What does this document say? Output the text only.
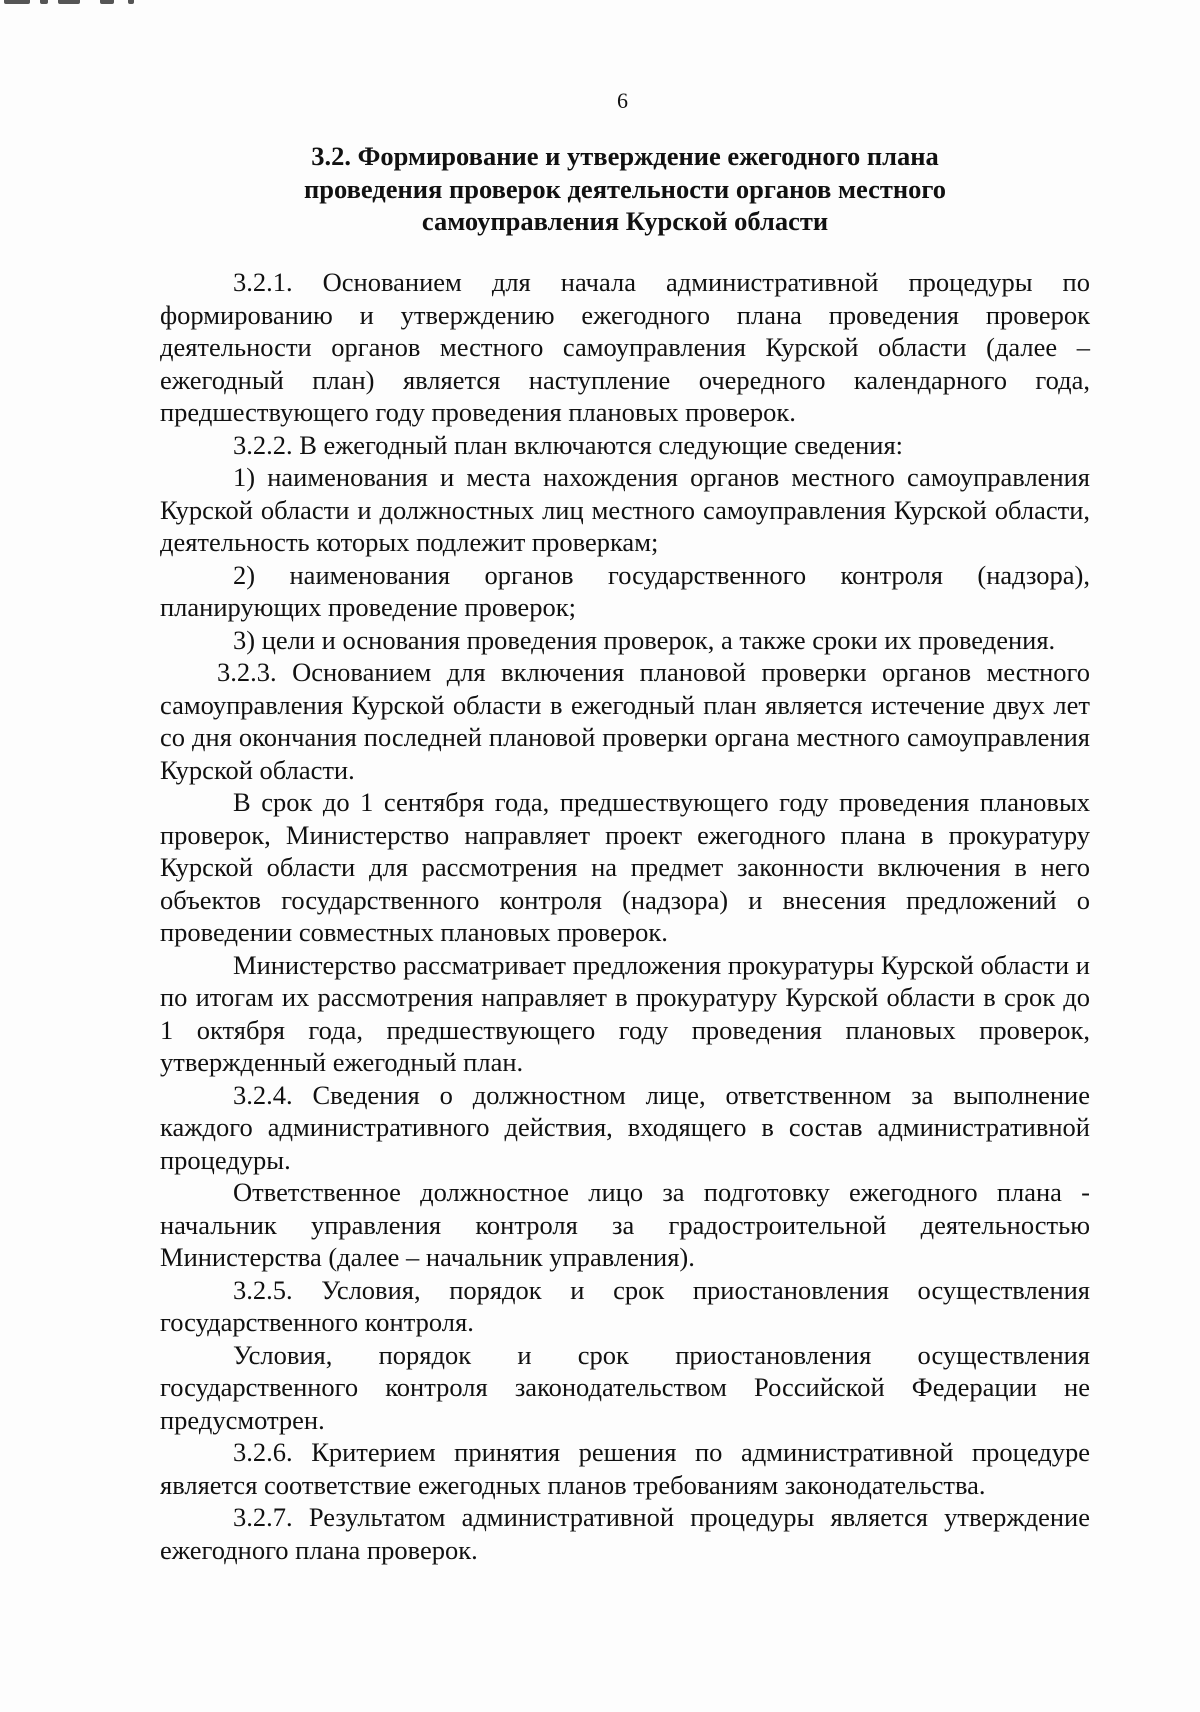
6
3.2. Формирование и утверждение ежегодного плана
проведения проверок деятельности органов местного
самоуправления Курской области

3.2.1. Основанием для начала административной процедуры по формированию и утверждению ежегодного плана проведения проверок деятельности органов местного самоуправления Курской области (далее – ежегодный план) является наступление очередного календарного года, предшествующего году проведения плановых проверок.

3.2.2. В ежегодный план включаются следующие сведения:

1) наименования и места нахождения органов местного самоуправления Курской области и должностных лиц местного самоуправления Курской области, деятельность которых подлежит проверкам;

2) наименования органов государственного контроля (надзора), планирующих проведение проверок;

3) цели и основания проведения проверок, а также сроки их проведения.

3.2.3. Основанием для включения плановой проверки органов местного самоуправления Курской области в ежегодный план является истечение двух лет со дня окончания последней плановой проверки органа местного самоуправления Курской области.

В срок до 1 сентября года, предшествующего году проведения плановых проверок, Министерство направляет проект ежегодного плана в прокуратуру Курской области для рассмотрения на предмет законности включения в него объектов государственного контроля (надзора) и внесения предложений о проведении совместных плановых проверок.

Министерство рассматривает предложения прокуратуры Курской области и по итогам их рассмотрения направляет в прокуратуру Курской области в срок до 1 октября года, предшествующего году проведения плановых проверок, утвержденный ежегодный план.

3.2.4. Сведения о должностном лице, ответственном за выполнение каждого административного действия, входящего в состав административной процедуры.

Ответственное должностное лицо за подготовку ежегодного плана - начальник управления контроля за градостроительной деятельностью Министерства (далее – начальник управления).

3.2.5. Условия, порядок и срок приостановления осуществления государственного контроля.

Условия, порядок и срок приостановления осуществления государственного контроля законодательством Российской Федерации не предусмотрен.

3.2.6. Критерием принятия решения по административной процедуре является соответствие ежегодных планов требованиям законодательства.

3.2.7. Результатом административной процедуры является утверждение ежегодного плана проверок.
